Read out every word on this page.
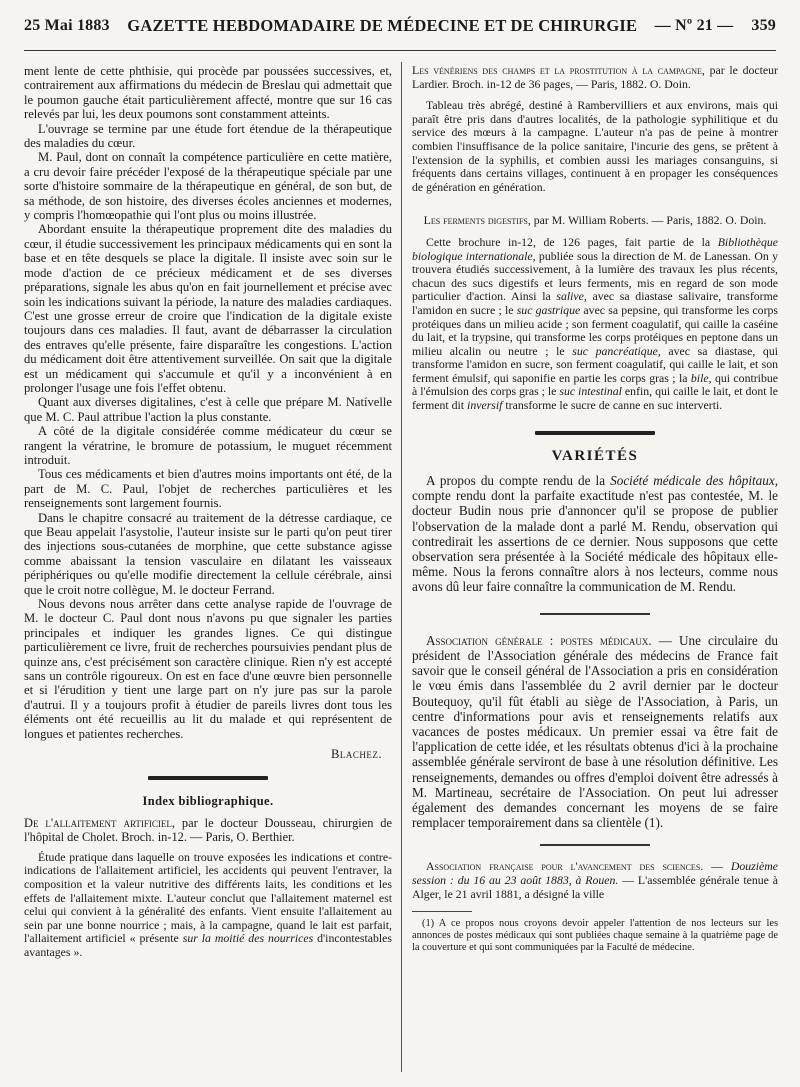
25 Mai 1883	GAZETTE HEBDOMADAIRE DE MÉDECINE ET DE CHIRURGIE	— Nº 21 — 359

ment lente de cette phthisie, qui procède par poussées successives, et, contrairement aux affirmations du médecin de Breslau qui admettait que le poumon gauche était particulièrement affecté, montre que sur 16 cas relevés par lui, les deux poumons sont constamment atteints.

L'ouvrage se termine par une étude fort étendue de la thérapeutique des maladies du cœur.

M. Paul, dont on connaît la compétence particulière en cette matière, a cru devoir faire précéder l'exposé de la thérapeutique spéciale par une sorte d'histoire sommaire de la thérapeutique en général, de son but, de sa méthode, de son histoire, des diverses écoles anciennes et modernes, y compris l'homœopathie qui l'ont plus ou moins illustrée.

Abordant ensuite la thérapeutique proprement dite des maladies du cœur, il étudie successivement les principaux médicaments qui en sont la base et en tête desquels se place la digitale. Il insiste avec soin sur le mode d'action de ce précieux médicament et de ses diverses préparations, signale les abus qu'on en fait journellement et précise avec soin les indications suivant la période, la nature des maladies cardiaques. C'est une grosse erreur de croire que l'indication de la digitale existe toujours dans ces maladies. Il faut, avant de débarrasser la circulation des entraves qu'elle présente, faire disparaître les congestions. L'action du médicament doit être attentivement surveillée. On sait que la digitale est un médicament qui s'accumule et qu'il y a inconvénient à en prolonger l'usage une fois l'effet obtenu.

Quant aux diverses digitalines, c'est à celle que prépare M. Natívelle que M. C. Paul attribue l'action la plus constante.

A côté de la digitale considérée comme médicateur du cœur se rangent la vératrine, le bromure de potassium, le muguet récemment introduit.

Tous ces médicaments et bien d'autres moins importants ont été, de la part de M. C. Paul, l'objet de recherches particulières et les renseignements sont largement fournis.

Dans le chapitre consacré au traitement de la détresse cardiaque, ce que Beau appelait l'asystolie, l'auteur insiste sur le parti qu'on peut tirer des injections sous-cutanées de morphine, que cette substance agisse comme abaissant la tension vasculaire en dilatant les vaisseaux périphériques ou qu'elle modifie directement la cellule cérébrale, ainsi que le croit notre collègue, M. le docteur Ferrand.

Nous devons nous arrêter dans cette analyse rapide de l'ouvrage de M. le docteur C. Paul dont nous n'avons pu que signaler les parties principales et indiquer les grandes lignes. Ce qui distingue particulièrement ce livre, fruit de recherches poursuivies pendant plus de quinze ans, c'est précisément son caractère clinique. Rien n'y est accepté sans un contrôle rigoureux. On est en face d'une œuvre bien personnelle et si l'érudition y tient une large part on n'y jure pas sur la parole d'autrui. Il y a toujours profit à étudier de pareils livres dont tous les éléments ont été recueillis au lit du malade et qui représentent de longues et patientes recherches.

Blachez.
Index bibliographique.

De l'allaitement artificiel, par le docteur Dousseau, chirurgien de l'hôpital de Cholet. Broch. in-12. — Paris, O. Berthier.

Étude pratique dans laquelle on trouve exposées les indications et contre-indications de l'allaitement artificiel, les accidents qui peuvent l'entraver, la composition et la valeur nutritive des différents laits, les conditions et les effets de l'allaitement mixte. L'auteur conclut que l'allaitement maternel est celui qui convient à la généralité des enfants. Vient ensuite l'allaitement au sein par une bonne nourrice ; mais, à la campagne, quand le lait est parfait, l'allaitement artificiel « présente sur la moitié des nourrices d'incontestables avantages ».

Les vénériens des champs et la prostitution à la campagne, par le docteur Lardier. Broch. in-12 de 36 pages, — Paris, 1882. O. Doin.

Tableau très abrégé, destiné à Rambervilliers et aux environs, mais qui paraît être pris dans d'autres localités, de la pathologie syphilitique et du service des mœurs à la campagne. L'auteur n'a pas de peine à montrer combien l'insuffisance de la police sanitaire, l'incurie des gens, se prêtent à l'extension de la syphilis, et combien aussi les mariages consanguins, si fréquents dans certains villages, continuent à en propager les conséquences de génération en génération.

Les ferments digestifs, par M. William Roberts. — Paris, 1882. O. Doin.

Cette brochure in-12, de 126 pages, fait partie de la Bibliothèque biologique internationale, publiée sous la direction de M. de Lanessan. On y trouvera étudiés successivement, à la lumière des travaux les plus récents, chacun des sucs digestifs et leurs ferments, mis en regard de son mode particulier d'action. Ainsi la salive, avec sa diastase salivaire, transforme l'amidon en sucre ; le suc gastrique avec sa pepsine, qui transforme les corps protéiques dans un milieu acide ; son ferment coagulatif, qui caille la caséine du lait, et la trypsine, qui transforme les corps protéiques en peptone dans un milieu alcalin ou neutre ; le suc pancréatique, avec sa diastase, qui transforme l'amidon en sucre, son ferment coagulatif, qui caille le lait, et son ferment émulsif, qui saponifie en partie les corps gras ; la bile, qui contribue à l'émulsion des corps gras ; le suc intestinal enfin, qui caille le lait, et dont le ferment dit inversif transforme le sucre de canne en suc interverti.

VARIÉTÉS

A propos du compte rendu de la Société médicale des hôpitaux, compte rendu dont la parfaite exactitude n'est pas contestée, M. le docteur Budin nous prie d'annoncer qu'il se propose de publier l'observation de la malade dont a parlé M. Rendu, observation qui contredirait les assertions de ce dernier. Nous supposons que cette observation sera présentée à la Société médicale des hôpitaux elle-même. Nous la ferons connaître alors à nos lecteurs, comme nous avons dû leur faire connaître la communication de M. Rendu.

Association générale : postes médicaux. — Une circulaire du président de l'Association générale des médecins de France fait savoir que le conseil général de l'Association a pris en considération le vœu émis dans l'assemblée du 2 avril dernier par le docteur Boutequoy, qu'il fût établi au siège de l'Association, à Paris, un centre d'informations pour avis et renseignements relatifs aux vacances de postes médicaux. Un premier essai va être fait de l'application de cette idée, et les résultats obtenus d'ici à la prochaine assemblée générale serviront de base à une résolution définitive. Les renseignements, demandes ou offres d'emploi doivent être adressés à M. Martineau, secrétaire de l'Association. On peut lui adresser également des demandes concernant les moyens de se faire remplacer temporairement dans sa clientèle (1).

Association française pour l'avancement des sciences. — Douzième session : du 16 au 23 août 1883, à Rouen. — L'assemblée générale tenue à Alger, le 21 avril 1881, a désigné la ville

(1) A ce propos nous croyons devoir appeler l'attention de nos lecteurs sur les annonces de postes médicaux qui sont publiées chaque semaine à la quatrième page de la couverture et qui sont communiquées par la Faculté de médecine.
